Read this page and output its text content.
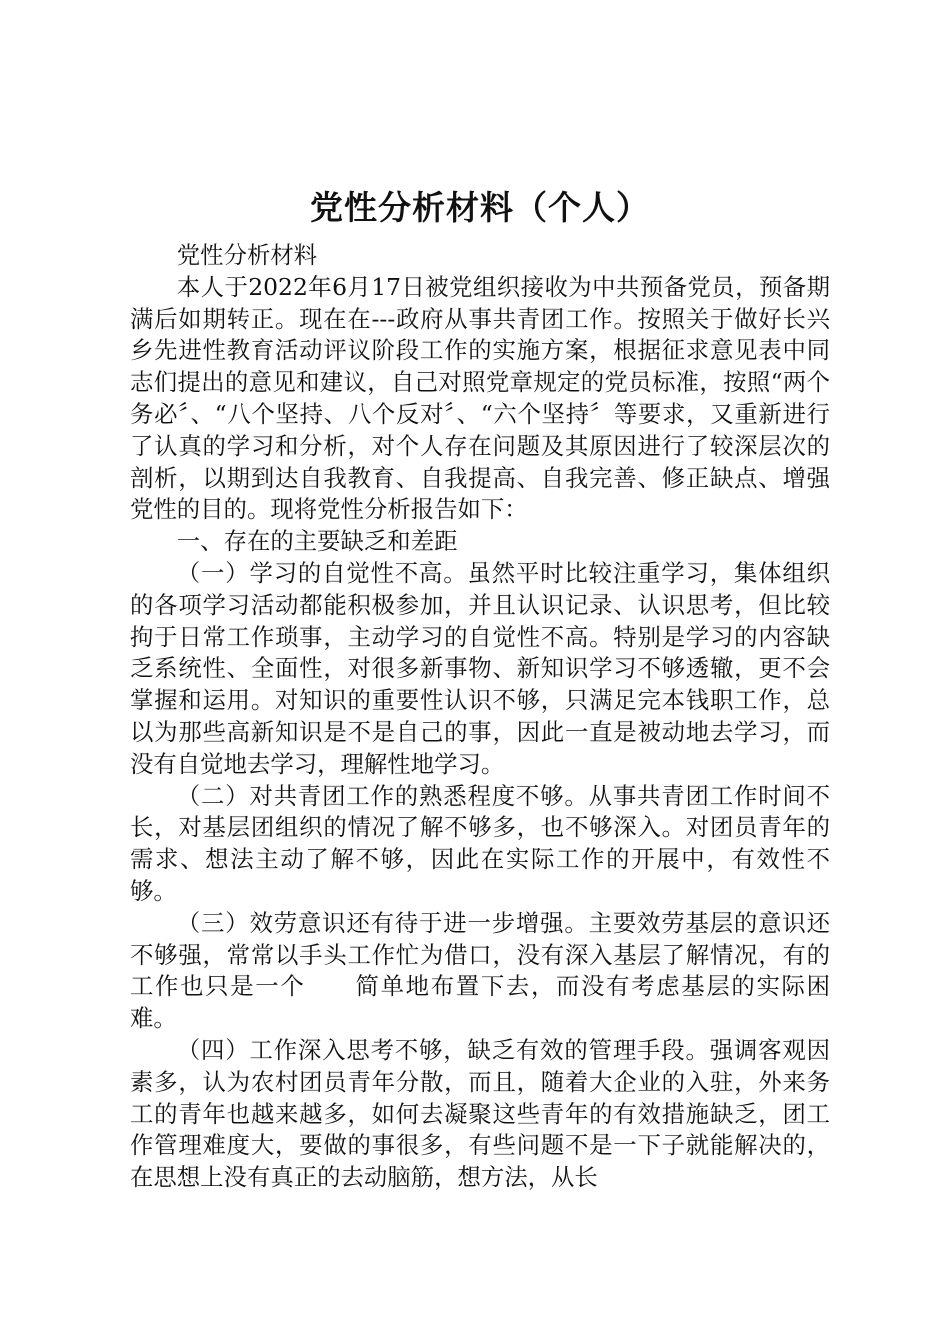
党性分析材料（个人）

党性分析材料

本人于2022年6月17日被党组织接收为中共预备党员，预备期满后如期转正。现在在---政府从事共青团工作。按照关于做好长兴乡先进性教育活动评议阶段工作的实施方案，根据征求意见表中同志们提出的意见和建议，自己对照党章规定的党员标准，按照“两个务必〞、“八个坚持、八个反对〞、“六个坚持〞等要求，又重新进行了认真的学习和分析，对个人存在问题及其原因进行了较深层次的剖析，以期到达自我教育、自我提高、自我完善、修正缺点、增强党性的目的。现将党性分析报告如下：

一、存在的主要缺乏和差距

（一）学习的自觉性不高。虽然平时比较注重学习，集体组织的各项学习活动都能积极参加，并且认识记录、认识思考，但比较拘于日常工作琐事，主动学习的自觉性不高。特别是学习的内容缺乏系统性、全面性，对很多新事物、新知识学习不够透辙，更不会掌握和运用。对知识的重要性认识不够，只满足完本钱职工作，总以为那些高新知识是不是自己的事，因此一直是被动地去学习，而没有自觉地去学习，理解性地学习。

（二）对共青团工作的熟悉程度不够。从事共青团工作时间不长，对基层团组织的情况了解不够多，也不够深入。对团员青年的需求、想法主动了解不够，因此在实际工作的开展中，有效性不够。

（三）效劳意识还有待于进一步增强。主要效劳基层的意识还不够强，常常以手头工作忙为借口，没有深入基层了解情况，有的工作也只是一个　　简单地布置下去，而没有考虑基层的实际困难。

（四）工作深入思考不够，缺乏有效的管理手段。强调客观因素多，认为农村团员青年分散，而且，随着大企业的入驻，外来务工的青年也越来越多，如何去凝聚这些青年的有效措施缺乏，团工作管理难度大，要做的事很多，有些问题不是一下子就能解决的，在思想上没有真正的去动脑筋，想方法，从长
